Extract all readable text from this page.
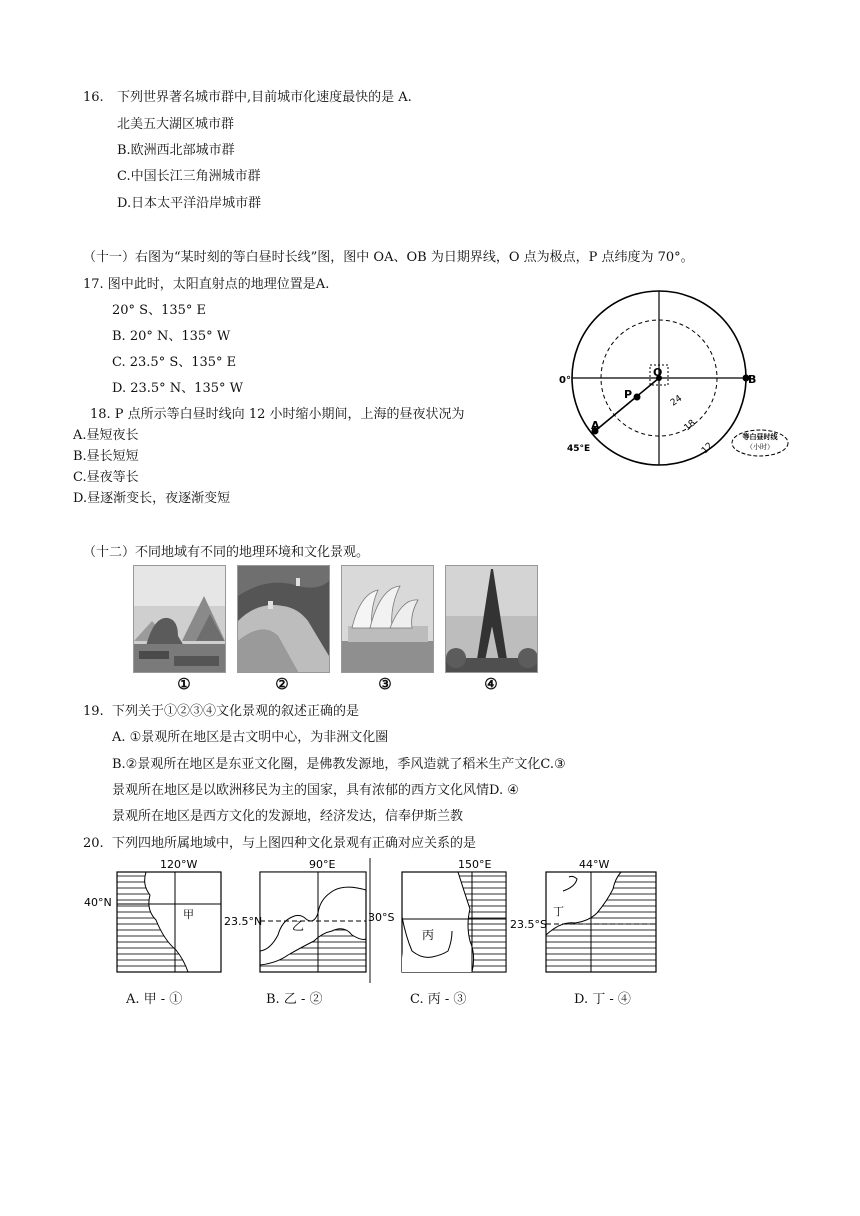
16. 下列世界著名城市群中,目前城市化速度最快的是 A.
北美五大湖区城市群
B.欧洲西北部城市群
C.中国长江三角洲城市群
D.日本太平洋沿岸城市群
（十一）右图为“某时刻的等白昼时长线”图，图中 OA、OB 为日期界线，O 点为极点，P 点纬度为 70°。
17. 图中此时，太阳直射点的地理位置是A.
20° S、135° E
B. 20° N、135° W
C. 23.5° S、135° E
D. 23.5° N、135° W
18. P 点所示等白昼时线向 12 小时缩小期间，上海的昼夜状况为
A.昼短夜长
B.昼长短短
C.昼夜等长
D.昼逐渐变长，夜逐渐变短
O
P
A
B
0°
45°E
24
18
12
等白昼时线
（小时）
（十二）不同地域有不同的地理环境和文化景观。
①	②	③	④
19. 下列关于①②③④文化景观的叙述正确的是
A. ①景观所在地区是古文明中心，为非洲文化圈
B.②景观所在地区是东亚文化圈，是佛教发源地，季风造就了稻米生产文化C.③
景观所在地区是以欧洲移民为主的国家，具有浓郁的西方文化风情D. ④
景观所在地区是西方文化的发源地，经济发达，信奉伊斯兰教
20. 下列四地所属地域中，与上图四种文化景观有正确对应关系的是
120°W
40°N
甲
90°E
23.5°N 乙
150°E
30°S
丙
44°W
23.5°S
丁
A. 甲 - ①	B. 乙 - ②	C. 丙 - ③	D. 丁 - ④
